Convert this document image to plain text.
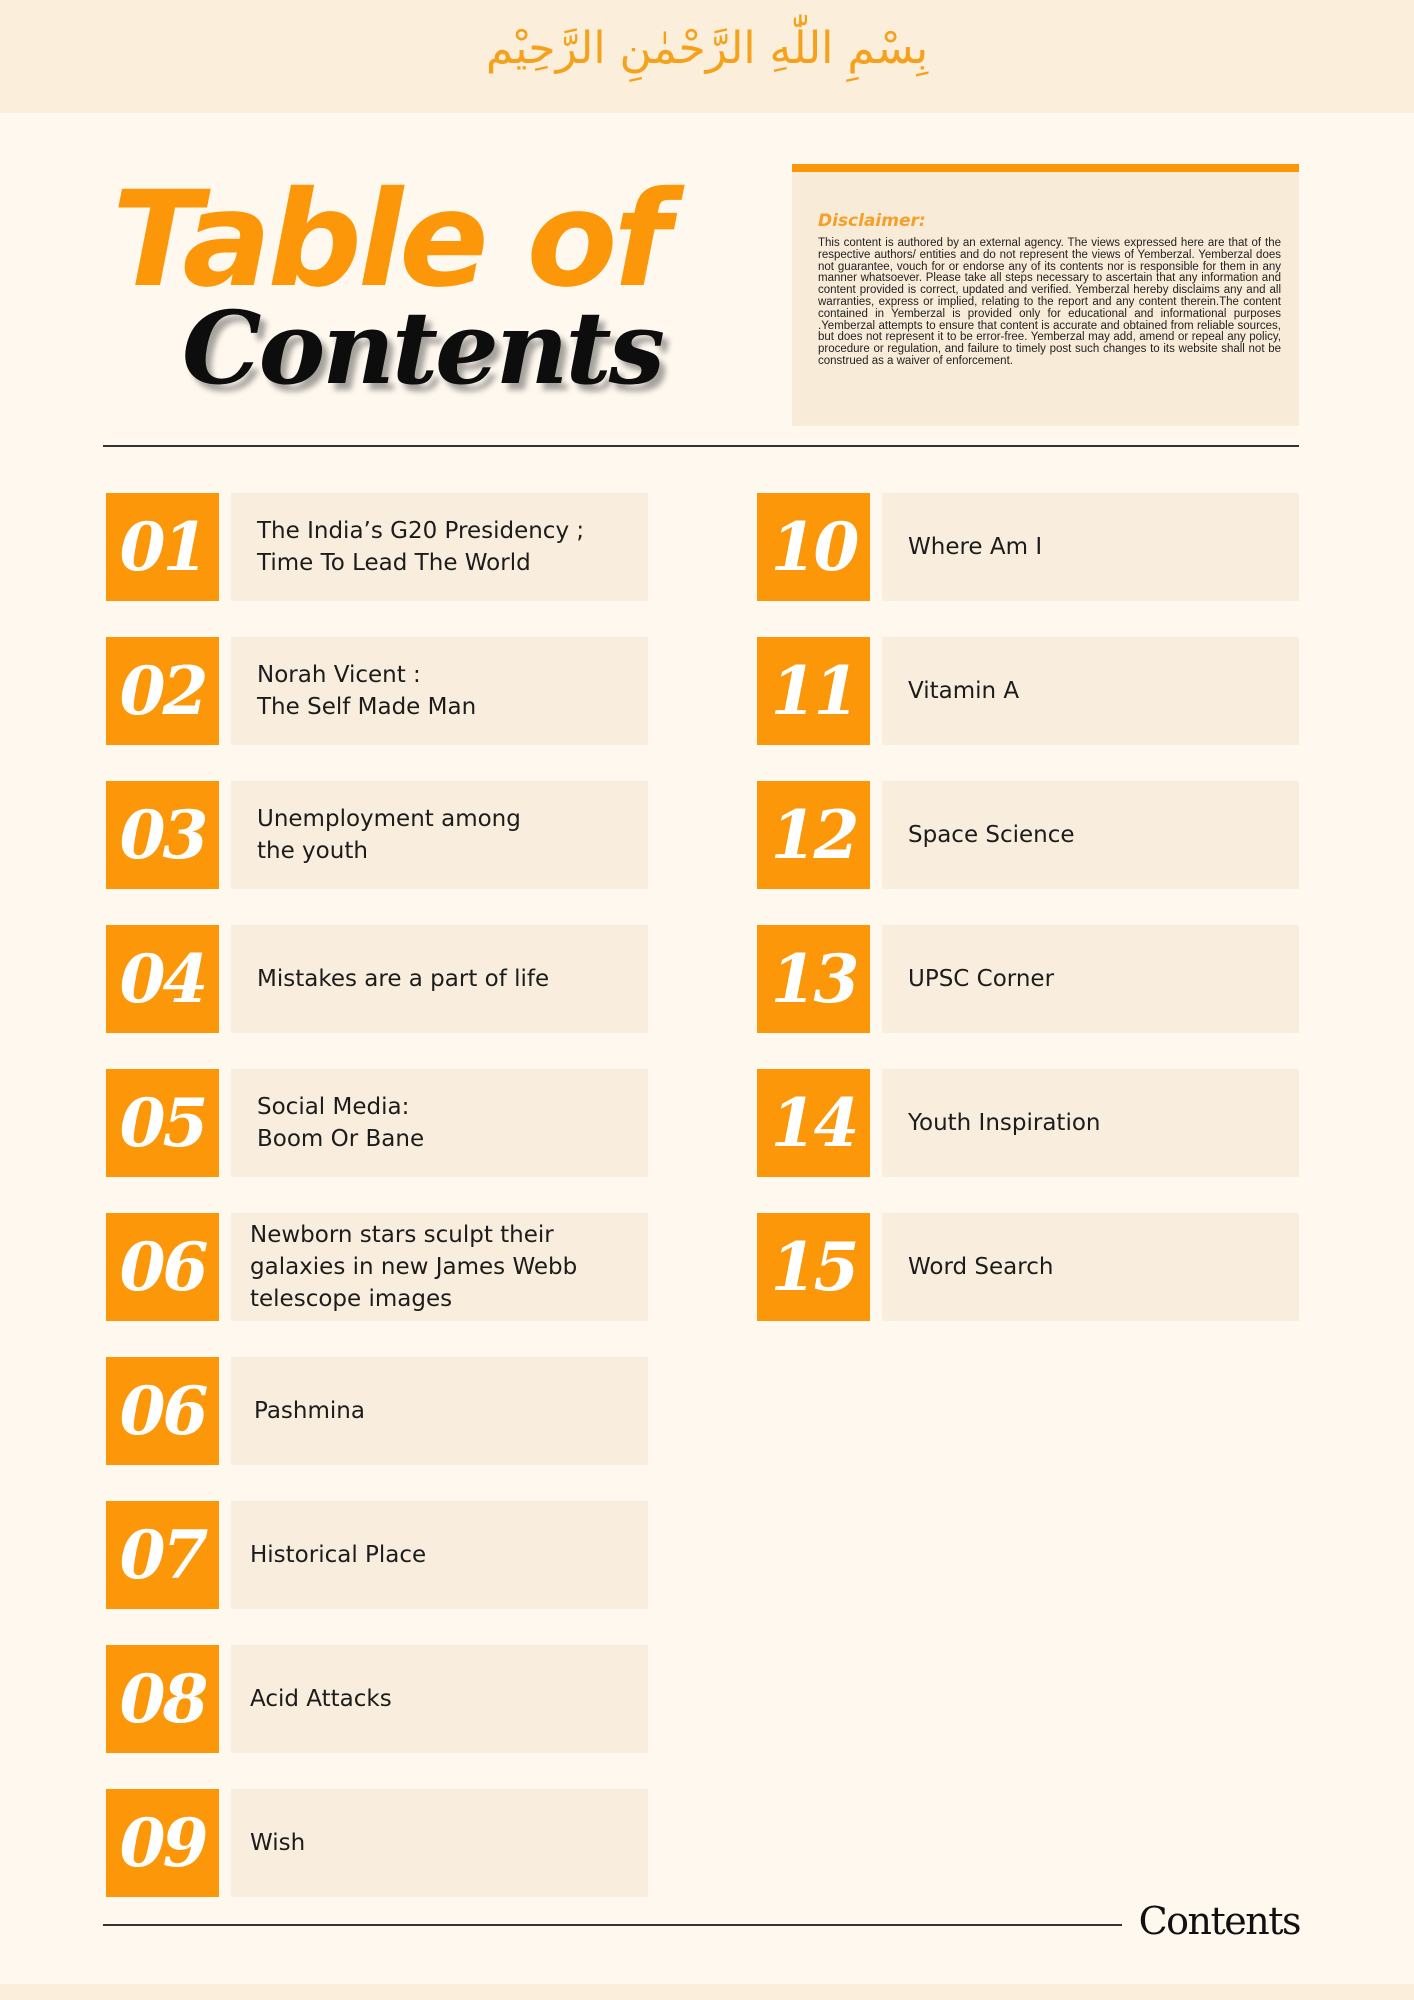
بِسْمِ اللّٰهِ الرَّحْمٰنِ الرَّحِيْم
Table of
Contents
Disclaimer:
This content is authored by an external agency. The views expressed here are that of the respective authors/ entities and do not represent the views of Yemberzal. Yemberzal does not guarantee, vouch for or endorse any of its contents nor is responsible for them in any manner whatsoever. Please take all steps necessary to ascertain that any information and content provided is correct, updated and verified. Yemberzal hereby disclaims any and all warranties, express or implied, relating to the report and any content therein.The content contained in Yemberzal is provided only for educational and informational purposes .Yemberzal attempts to ensure that content is accurate and obtained from reliable sources, but does not represent it to be error-free. Yemberzal may add, amend or repeal any policy, procedure or regulation, and failure to timely post such changes to its website shall not be construed as a waiver of enforcement.
01	The India’s G20 Presidency ;
Time To Lead The World
02	Norah Vicent :
The Self Made Man
03	Unemployment among
the youth
04	Mistakes are a part of life
05	Social Media:
Boom Or Bane
06	Newborn stars sculpt their
galaxies in new James Webb
telescope images
06	Pashmina
07	Historical Place
08	Acid Attacks
09	Wish
10	Where Am I
11	Vitamin A
12	Space Science
13	UPSC Corner
14	Youth Inspiration
15	Word Search
Contents
